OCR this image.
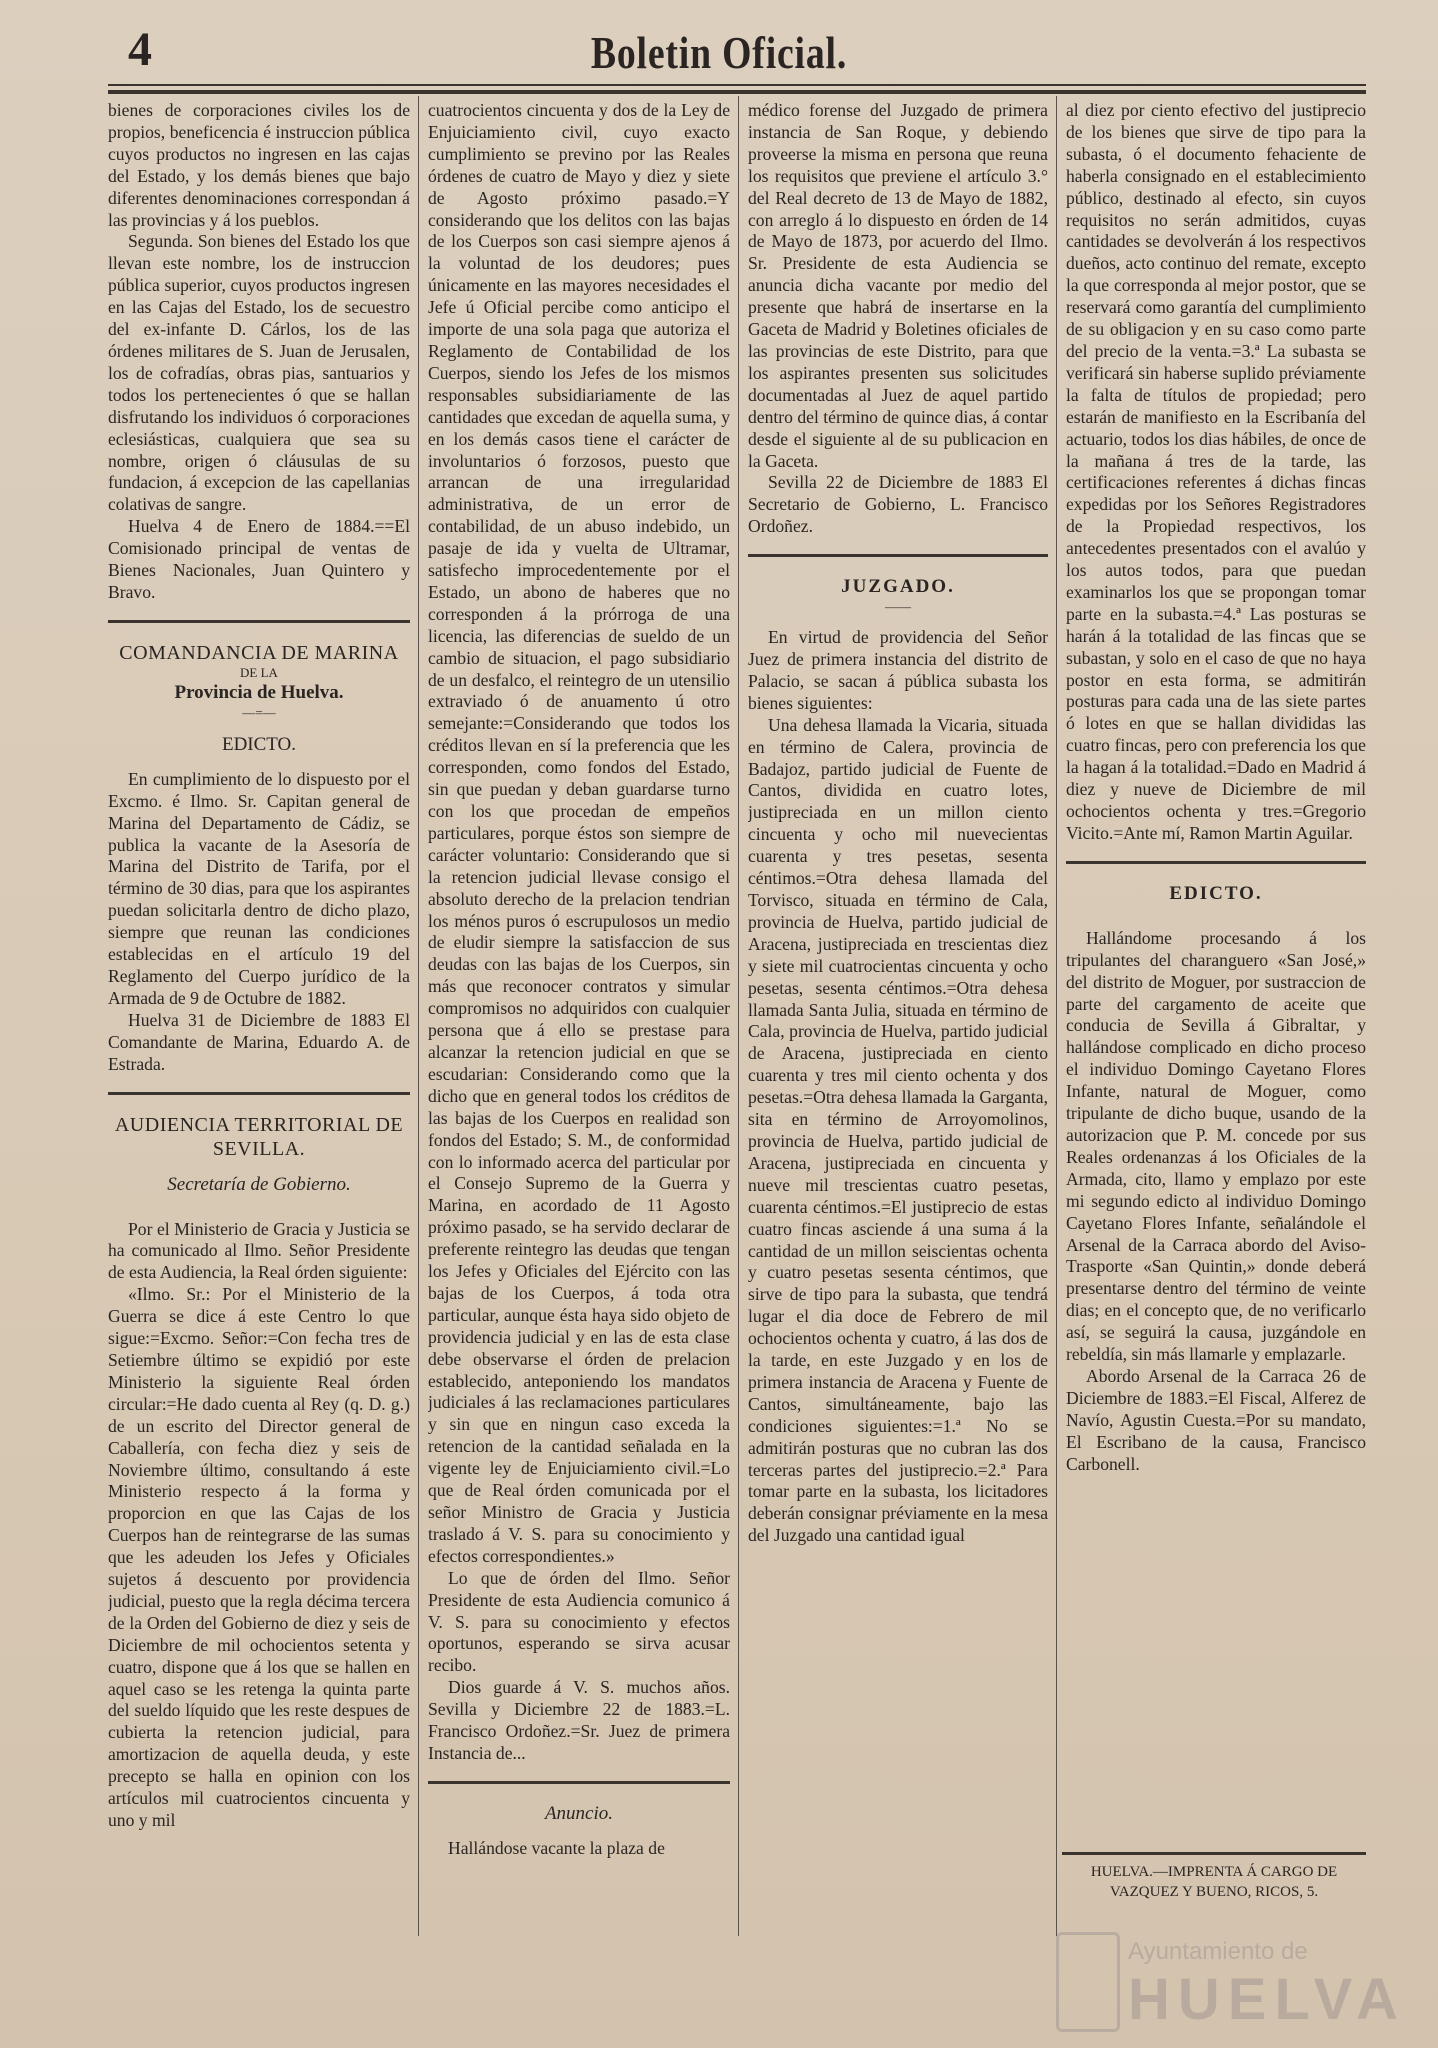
4	Boletin Oficial.

bienes de corporaciones civiles los de propios, beneficencia é instruccion pública cuyos productos no ingresen en las cajas del Estado, y los demás bienes que bajo diferentes denominaciones correspondan á las provincias y á los pueblos.

Segunda. Son bienes del Estado los que llevan este nombre, los de instruccion pública superior, cuyos productos ingresen en las Cajas del Estado, los de secuestro del ex-infante D. Cárlos, los de las órdenes militares de S. Juan de Jerusalen, los de cofradías, obras pias, santuarios y todos los pertenecientes ó que se hallan disfrutando los individuos ó corporaciones eclesiásticas, cualquiera que sea su nombre, origen ó cláusulas de su fundacion, á excepcion de las capellanias colativas de sangre.

Huelva 4 de Enero de 1884.==El Comisionado principal de ventas de Bienes Nacionales, Juan Quintero y Bravo.

COMANDANCIA DE MARINA
DE LA
Provincia de Huelva.
—=—
EDICTO.

En cumplimiento de lo dispuesto por el Excmo. é Ilmo. Sr. Capitan general de Marina del Departamento de Cádiz, se publica la vacante de la Asesoría de Marina del Distrito de Tarifa, por el término de 30 dias, para que los aspirantes puedan solicitarla dentro de dicho plazo, siempre que reunan las condiciones establecidas en el artículo 19 del Reglamento del Cuerpo jurídico de la Armada de 9 de Octubre de 1882.

Huelva 31 de Diciembre de 1883 El Comandante de Marina, Eduardo A. de Estrada.

AUDIENCIA TERRITORIAL DE SEVILLA.
Secretaría de Gobierno.

Por el Ministerio de Gracia y Justicia se ha comunicado al Ilmo. Señor Presidente de esta Audiencia, la Real órden siguiente:

«Ilmo. Sr.: Por el Ministerio de la Guerra se dice á este Centro lo que sigue:=Excmo. Señor:=Con fecha tres de Setiembre último se expidió por este Ministerio la siguiente Real órden circular:=He dado cuenta al Rey (q. D. g.) de un escrito del Director general de Caballería, con fecha diez y seis de Noviembre último, consultando á este Ministerio respecto á la forma y proporcion en que las Cajas de los Cuerpos han de reintegrarse de las sumas que les adeuden los Jefes y Oficiales sujetos á descuento por providencia judicial, puesto que la regla décima tercera de la Orden del Gobierno de diez y seis de Diciembre de mil ochocientos setenta y cuatro, dispone que á los que se hallen en aquel caso se les retenga la quinta parte del sueldo líquido que les reste despues de cubierta la retencion judicial, para amortizacion de aquella deuda, y este precepto se halla en opinion con los artículos mil cuatrocientos cincuenta y uno y mil

cuatrocientos cincuenta y dos de la Ley de Enjuiciamiento civil, cuyo exacto cumplimiento se previno por las Reales órdenes de cuatro de Mayo y diez y siete de Agosto próximo pasado.=Y considerando que los delitos con las bajas de los Cuerpos son casi siempre ajenos á la voluntad de los deudores; pues únicamente en las mayores necesidades el Jefe ú Oficial percibe como anticipo el importe de una sola paga que autoriza el Reglamento de Contabilidad de los Cuerpos, siendo los Jefes de los mismos responsables subsidiariamente de las cantidades que excedan de aquella suma, y en los demás casos tiene el carácter de involuntarios ó forzosos, puesto que arrancan de una irregularidad administrativa, de un error de contabilidad, de un abuso indebido, un pasaje de ida y vuelta de Ultramar, satisfecho improcedentemente por el Estado, un abono de haberes que no corresponden á la prórroga de una licencia, las diferencias de sueldo de un cambio de situacion, el pago subsidiario de un desfalco, el reintegro de un utensilio extraviado ó de anuamento ú otro semejante:=Considerando que todos los créditos llevan en sí la preferencia que les corresponden, como fondos del Estado, sin que puedan y deban guardarse turno con los que procedan de empeños particulares, porque éstos son siempre de carácter voluntario: Considerando que si la retencion judicial llevase consigo el absoluto derecho de la prelacion tendrian los ménos puros ó escrupulosos un medio de eludir siempre la satisfaccion de sus deudas con las bajas de los Cuerpos, sin más que reconocer contratos y simular compromisos no adquiridos con cualquier persona que á ello se prestase para alcanzar la retencion judicial en que se escudarian: Considerando como que la dicho que en general todos los créditos de las bajas de los Cuerpos en realidad son fondos del Estado; S. M., de conformidad con lo informado acerca del particular por el Consejo Supremo de la Guerra y Marina, en acordado de 11 Agosto próximo pasado, se ha servido declarar de preferente reintegro las deudas que tengan los Jefes y Oficiales del Ejército con las bajas de los Cuerpos, á toda otra particular, aunque ésta haya sido objeto de providencia judicial y en las de esta clase debe observarse el órden de prelacion establecido, anteponiendo los mandatos judiciales á las reclamaciones particulares y sin que en ningun caso exceda la retencion de la cantidad señalada en la vigente ley de Enjuiciamiento civil.=Lo que de Real órden comunicada por el señor Ministro de Gracia y Justicia traslado á V. S. para su conocimiento y efectos correspondientes.»

Lo que de órden del Ilmo. Señor Presidente de esta Audiencia comunico á V. S. para su conocimiento y efectos oportunos, esperando se sirva acusar recibo.

Dios guarde á V. S. muchos años. Sevilla y Diciembre 22 de 1883.=L. Francisco Ordoñez.=Sr. Juez de primera Instancia de...

Anuncio.

Hallándose vacante la plaza de

médico forense del Juzgado de primera instancia de San Roque, y debiendo proveerse la misma en persona que reuna los requisitos que previene el artículo 3.° del Real decreto de 13 de Mayo de 1882, con arreglo á lo dispuesto en órden de 14 de Mayo de 1873, por acuerdo del Ilmo. Sr. Presidente de esta Audiencia se anuncia dicha vacante por medio del presente que habrá de insertarse en la Gaceta de Madrid y Boletines oficiales de las provincias de este Distrito, para que los aspirantes presenten sus solicitudes documentadas al Juez de aquel partido dentro del término de quince dias, á contar desde el siguiente al de su publicacion en la Gaceta.

Sevilla 22 de Diciembre de 1883 El Secretario de Gobierno, L. Francisco Ordoñez.

JUZGADO.
——

En virtud de providencia del Señor Juez de primera instancia del distrito de Palacio, se sacan á pública subasta los bienes siguientes:

Una dehesa llamada la Vicaria, situada en término de Calera, provincia de Badajoz, partido judicial de Fuente de Cantos, dividida en cuatro lotes, justipreciada en un millon ciento cincuenta y ocho mil nuevecientas cuarenta y tres pesetas, sesenta céntimos.=Otra dehesa llamada del Torvisco, situada en término de Cala, provincia de Huelva, partido judicial de Aracena, justipreciada en trescientas diez y siete mil cuatrocientas cincuenta y ocho pesetas, sesenta céntimos.=Otra dehesa llamada Santa Julia, situada en término de Cala, provincia de Huelva, partido judicial de Aracena, justipreciada en ciento cuarenta y tres mil ciento ochenta y dos pesetas.=Otra dehesa llamada la Garganta, sita en término de Arroyomolinos, provincia de Huelva, partido judicial de Aracena, justipreciada en cincuenta y nueve mil trescientas cuatro pesetas, cuarenta céntimos.=El justiprecio de estas cuatro fincas asciende á una suma á la cantidad de un millon seiscientas ochenta y cuatro pesetas sesenta céntimos, que sirve de tipo para la subasta, que tendrá lugar el dia doce de Febrero de mil ochocientos ochenta y cuatro, á las dos de la tarde, en este Juzgado y en los de primera instancia de Aracena y Fuente de Cantos, simultáneamente, bajo las condiciones siguientes:=1.ª No se admitirán posturas que no cubran las dos terceras partes del justiprecio.=2.ª Para tomar parte en la subasta, los licitadores deberán consignar préviamente en la mesa del Juzgado una cantidad igual

al diez por ciento efectivo del justiprecio de los bienes que sirve de tipo para la subasta, ó el documento fehaciente de haberla consignado en el establecimiento público, destinado al efecto, sin cuyos requisitos no serán admitidos, cuyas cantidades se devolverán á los respectivos dueños, acto continuo del remate, excepto la que corresponda al mejor postor, que se reservará como garantía del cumplimiento de su obligacion y en su caso como parte del precio de la venta.=3.ª La subasta se verificará sin haberse suplido préviamente la falta de títulos de propiedad; pero estarán de manifiesto en la Escribanía del actuario, todos los dias hábiles, de once de la mañana á tres de la tarde, las certificaciones referentes á dichas fincas expedidas por los Señores Registradores de la Propiedad respectivos, los antecedentes presentados con el avalúo y los autos todos, para que puedan examinarlos los que se propongan tomar parte en la subasta.=4.ª Las posturas se harán á la totalidad de las fincas que se subastan, y solo en el caso de que no haya postor en esta forma, se admitirán posturas para cada una de las siete partes ó lotes en que se hallan divididas las cuatro fincas, pero con preferencia los que la hagan á la totalidad.=Dado en Madrid á diez y nueve de Diciembre de mil ochocientos ochenta y tres.=Gregorio Vicito.=Ante mí, Ramon Martin Aguilar.

EDICTO.

Hallándome procesando á los tripulantes del charanguero «San José,» del distrito de Moguer, por sustraccion de parte del cargamento de aceite que conducia de Sevilla á Gibraltar, y hallándose complicado en dicho proceso el individuo Domingo Cayetano Flores Infante, natural de Moguer, como tripulante de dicho buque, usando de la autorizacion que P. M. concede por sus Reales ordenanzas á los Oficiales de la Armada, cito, llamo y emplazo por este mi segundo edicto al individuo Domingo Cayetano Flores Infante, señalándole el Arsenal de la Carraca abordo del Aviso-Trasporte «San Quintin,» donde deberá presentarse dentro del término de veinte dias; en el concepto que, de no verificarlo así, se seguirá la causa, juzgándole en rebeldía, sin más llamarle y emplazarle.

Abordo Arsenal de la Carraca 26 de Diciembre de 1883.=El Fiscal, Alferez de Navío, Agustin Cuesta.=Por su mandato, El Escribano de la causa, Francisco Carbonell.

HUELVA.—IMPRENTA Á CARGO DE
VAZQUEZ Y BUENO, RICOS, 5.
Ayuntamiento de
HUELVA
